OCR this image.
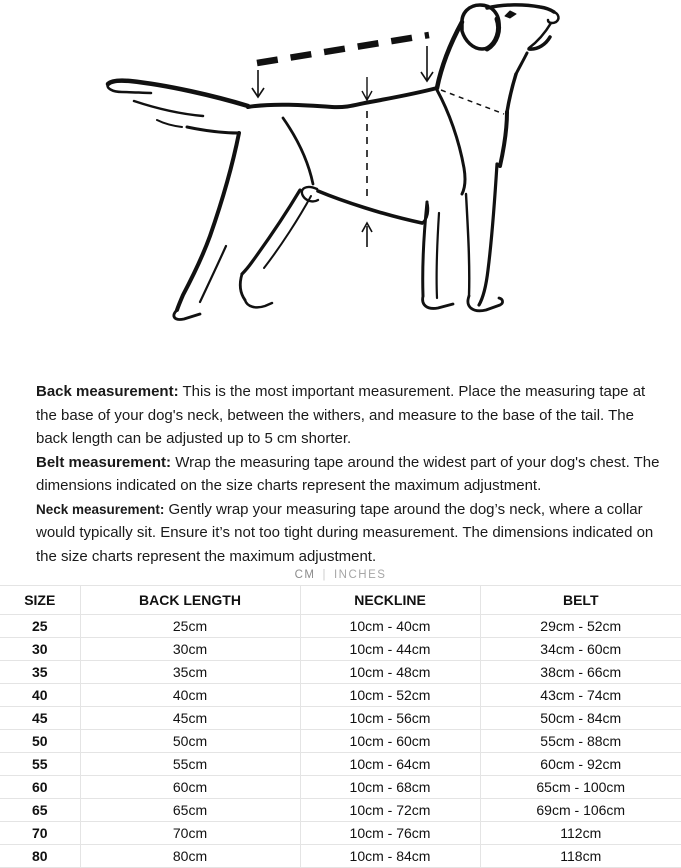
Back measurement: This is the most important measurement. Place the measuring tape at the base of your dog's neck, between the withers, and measure to the base of the tail. The back length can be adjusted up to 5 cm shorter.

Belt measurement: Wrap the measuring tape around the widest part of your dog's chest. The dimensions indicated on the size charts represent the maximum adjustment.

Neck measurement: Gently wrap your measuring tape around the dog’s neck, where a collar would typically sit. Ensure it’s not too tight during measurement. The dimensions indicated on the size charts represent the maximum adjustment.

CM | INCHES
SIZE	BACK LENGTH	NECKLINE	BELT
25	25cm	10cm - 40cm	29cm - 52cm
30	30cm	10cm - 44cm	34cm - 60cm
35	35cm	10cm - 48cm	38cm - 66cm
40	40cm	10cm - 52cm	43cm - 74cm
45	45cm	10cm - 56cm	50cm - 84cm
50	50cm	10cm - 60cm	55cm - 88cm
55	55cm	10cm - 64cm	60cm - 92cm
60	60cm	10cm - 68cm	65cm - 100cm
65	65cm	10cm - 72cm	69cm - 106cm
70	70cm	10cm - 76cm	112cm
80	80cm	10cm - 84cm	118cm
